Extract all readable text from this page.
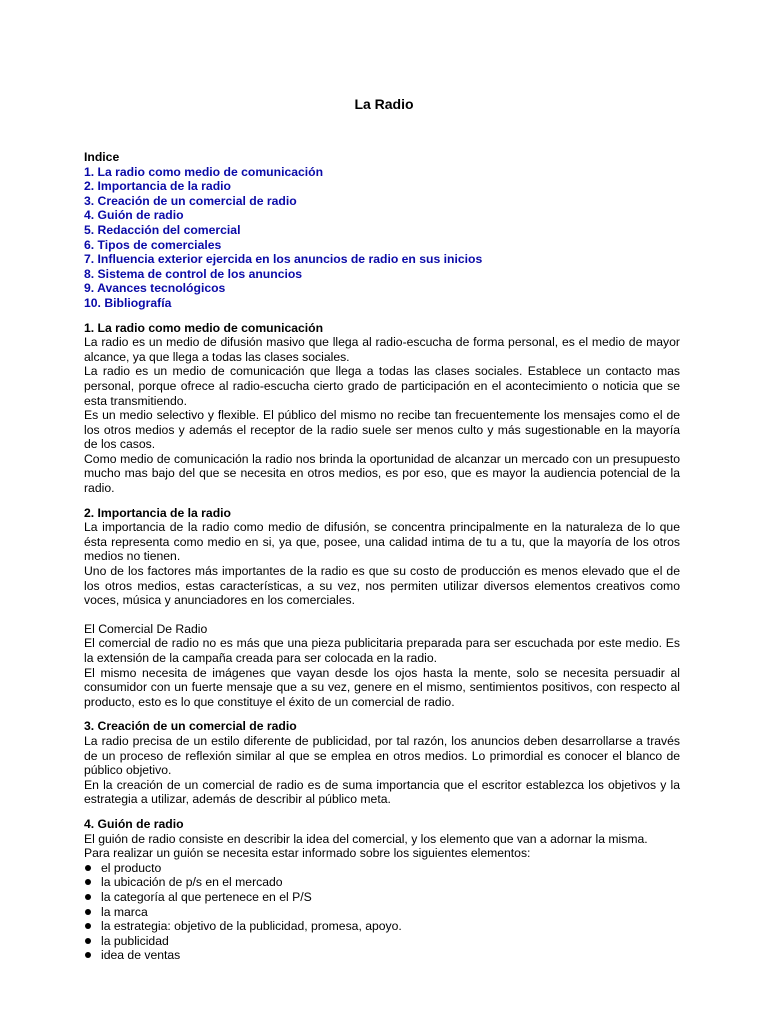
La Radio
Indice
1. La radio como medio de comunicación
2. Importancia de la radio
3. Creación de un comercial de radio
4. Guión de radio
5. Redacción del comercial
6. Tipos de comerciales
7. Influencia exterior ejercida en los anuncios de radio en sus inicios
8. Sistema de control de los anuncios
9. Avances tecnológicos
10. Bibliografía
1. La radio como medio de comunicación

La radio es un medio de difusión masivo que llega al radio-escucha de forma personal, es el medio de mayor alcance, ya que llega a todas las clases sociales.

La radio es un medio de comunicación que llega a todas las clases sociales. Establece un contacto mas personal, porque ofrece al radio-escucha cierto grado de participación en el acontecimiento o noticia que se esta transmitiendo.

Es un medio selectivo y flexible. El público del mismo no recibe tan frecuentemente los mensajes como el de los otros medios y además el receptor de la radio suele ser menos culto y más sugestionable en la mayoría de los casos.

Como medio de comunicación la radio nos brinda la oportunidad de alcanzar un mercado con un presupuesto mucho mas bajo del que se necesita en otros medios, es por eso, que es mayor la audiencia potencial de la radio.

2. Importancia de la radio

La importancia de la radio como medio de difusión, se concentra principalmente en la naturaleza de lo que ésta representa como medio en si, ya que, posee, una calidad intima de tu a tu, que la mayoría de los otros medios no tienen.

Uno de los factores más importantes de la radio es que su costo de producción es menos elevado que el de los otros medios, estas características, a su vez, nos permiten utilizar diversos elementos creativos como voces, música y anunciadores en los comerciales.

El Comercial De Radio

El comercial de radio no es más que una pieza publicitaria preparada para ser escuchada por este medio. Es la extensión de la campaña creada para ser colocada en la radio.

El mismo necesita de imágenes que vayan desde los ojos hasta la mente, solo se necesita persuadir al consumidor con un fuerte mensaje que a su vez, genere en el mismo, sentimientos positivos, con respecto al producto, esto es lo que constituye el éxito de un comercial de radio.

3. Creación de un comercial de radio

La radio precisa de un estilo diferente de publicidad, por tal razón, los anuncios deben desarrollarse a través de un proceso de reflexión similar al que se emplea en otros medios. Lo primordial es conocer el blanco de público objetivo.

En la creación de un comercial de radio es de suma importancia que el escritor establezca los objetivos y la estrategia a utilizar, además de describir al público meta.

4. Guión de radio

El guión de radio consiste en describir la idea del comercial, y los elemento que van a adornar la misma.

Para realizar un guión se necesita estar informado sobre los siguientes elementos:

el producto
la ubicación de p/s en el mercado
la categoría al que pertenece en el P/S
la marca
la estrategia: objetivo de la publicidad, promesa, apoyo.
la publicidad
idea de ventas
